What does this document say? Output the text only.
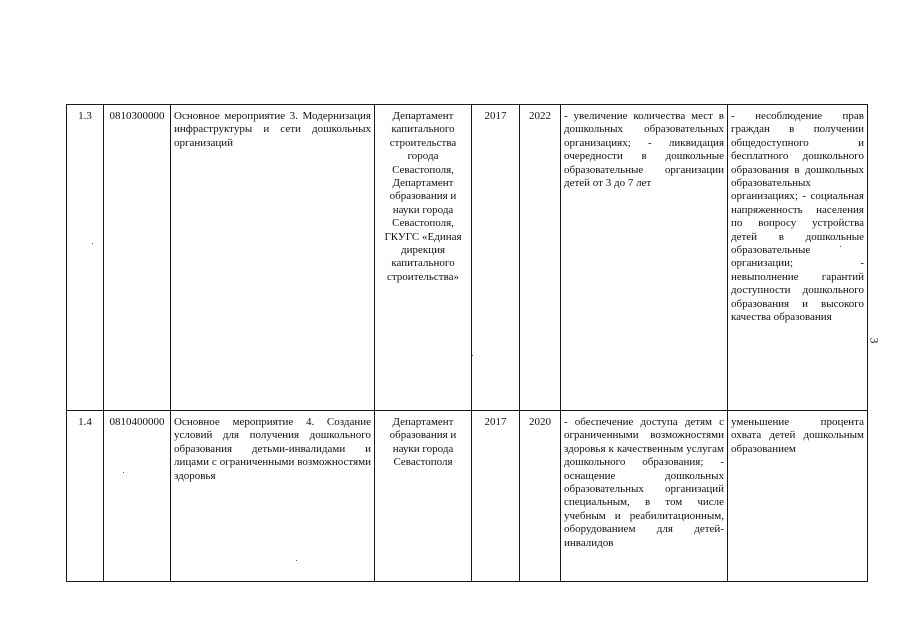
1.3	0810300000	Основное мероприятие 3. Модернизация инфраструктуры и сети дошкольных организаций	Департамент капитального строительства города Севастополя, Департамент образования и науки города Севастополя, ГКУГС «Единая дирекция капитального строительства»	2017	2022	- увеличение количества мест в дошкольных образовательных организациях; - ликвидация очередности в дошкольные образовательные организации детей от 3 до 7 лет	- несоблюдение прав граждан в получении общедоступного и бесплатного дошкольного образования в дошкольных образовательных организациях; - социальная напряженность населения по вопросу устройства детей в дошкольные образовательные организации; - невыполнение гарантий доступности дошкольного образования и высокого качества образования
1.4	0810400000	Основное мероприятие 4. Создание условий для получения дошкольного образования детьми-инвалидами и лицами с ограниченными возможностями здоровья	Департамент образования и науки города Севастополя	2017	2020	- обеспечение доступа детям с ограниченными возможностями здоровья к качественным услугам дошкольного образования; - оснащение дошкольных образовательных организаций специальным, в том числе учебным и реабилитационным, оборудованием для детей-инвалидов	уменьшение процента охвата детей дошкольным образованием
3
